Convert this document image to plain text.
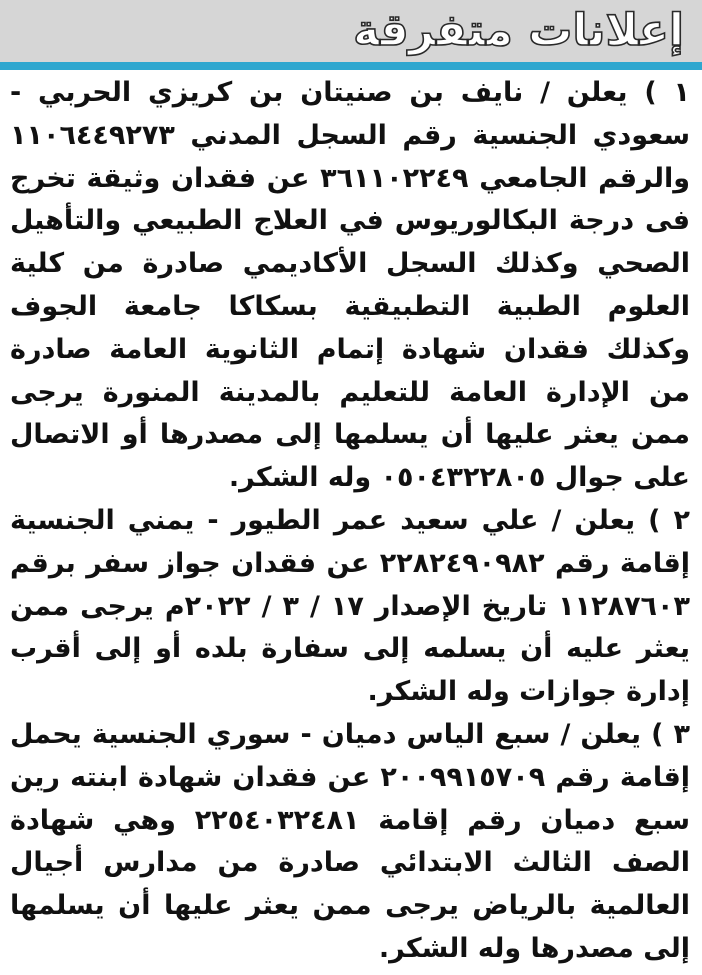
إعلانات متفرقة

١ ) يعلن / نايف بن صنيتان بن كريزي الحربي - سعودي الجنسية رقم السجل المدني ١١٠٦٤٤٩٢٧٣ والرقم الجامعي ٣٦١١٠٢٢٤٩ عن فقدان وثيقة تخرج فى درجة البكالوريوس في العلاج الطبيعي والتأهيل الصحي وكذلك السجل الأكاديمي صادرة من كلية العلوم الطبية التطبيقية بسكاكا جامعة الجوف وكذلك فقدان شهادة إتمام الثانوية العامة صادرة من الإدارة العامة للتعليم بالمدينة المنورة يرجى ممن يعثر عليها أن يسلمها إلى مصدرها أو الاتصال على جوال ٠٥٠٤٣٢٢٨٠٥ وله الشكر.

٢ ) يعلن / علي سعيد عمر الطيور - يمني الجنسية إقامة رقم ٢٢٨٢٤٩٠٩٨٢ عن فقدان جواز سفر برقم ١١٢٨٧٦٠٣ تاريخ الإصدار ١٧ / ٣ / ٢٠٢٢م يرجى ممن يعثر عليه أن يسلمه إلى سفارة بلده أو إلى أقرب إدارة جوازات وله الشكر.

٣ ) يعلن / سبع الياس دميان - سوري الجنسية يحمل إقامة رقم ٢٠٠٩٩١٥٧٠٩ عن فقدان شهادة ابنته رين سبع دميان رقم إقامة ٢٢٥٤٠٣٢٤٨١ وهي شهادة الصف الثالث الابتدائي صادرة من مدارس أجيال العالمية بالرياض يرجى ممن يعثر عليها أن يسلمها إلى مصدرها وله الشكر.
